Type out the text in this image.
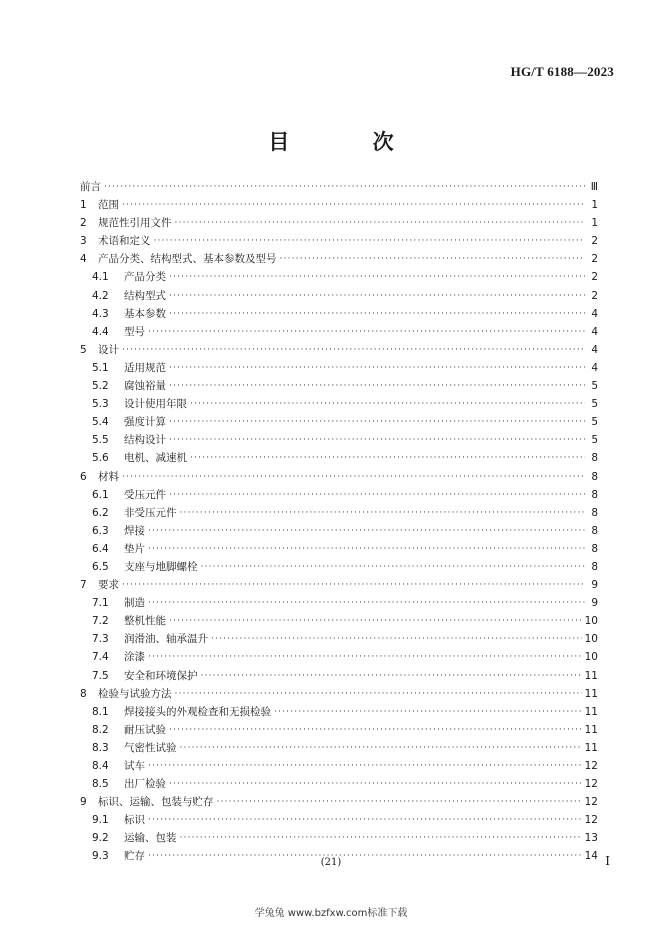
HG/T 6188—2023
目 次
前言 ·····	Ⅲ
1	范围 ·····	1
2	规范性引用文件 ·····	1
3	术语和定义 ·····	2
4	产品分类、结构型式、基本参数及型号 ·····	2
4.1	产品分类 ·····	2
4.2	结构型式 ·····	2
4.3	基本参数 ·····	4
4.4	型号 ·····	4
5	设计 ·····	4
5.1	适用规范 ·····	4
5.2	腐蚀裕量 ·····	5
5.3	设计使用年限 ·····	5
5.4	强度计算 ·····	5
5.5	结构设计 ·····	5
5.6	电机、减速机 ·····	8
6	材料 ·····	8
6.1	受压元件 ·····	8
6.2	非受压元件 ·····	8
6.3	焊接 ·····	8
6.4	垫片 ·····	8
6.5	支座与地脚螺栓 ·····	8
7	要求 ·····	9
7.1	制造 ·····	9
7.2	整机性能 ·····	10
7.3	润滑油、轴承温升 ·····	10
7.4	涂漆 ·····	10
7.5	安全和环境保护 ·····	11
8	检验与试验方法 ·····	11
8.1	焊接接头的外观检查和无损检验 ·····	11
8.2	耐压试验 ·····	11
8.3	气密性试验 ·····	11
8.4	试车 ·····	12
8.5	出厂检验 ·····	12
9	标识、运输、包装与贮存 ·····	12
9.1	标识 ·····	12
9.2	运输、包装 ·····	13
9.3	贮存 ·····	14
(21)	Ⅰ
学兔兔 www.bzfxw.com标准下载
